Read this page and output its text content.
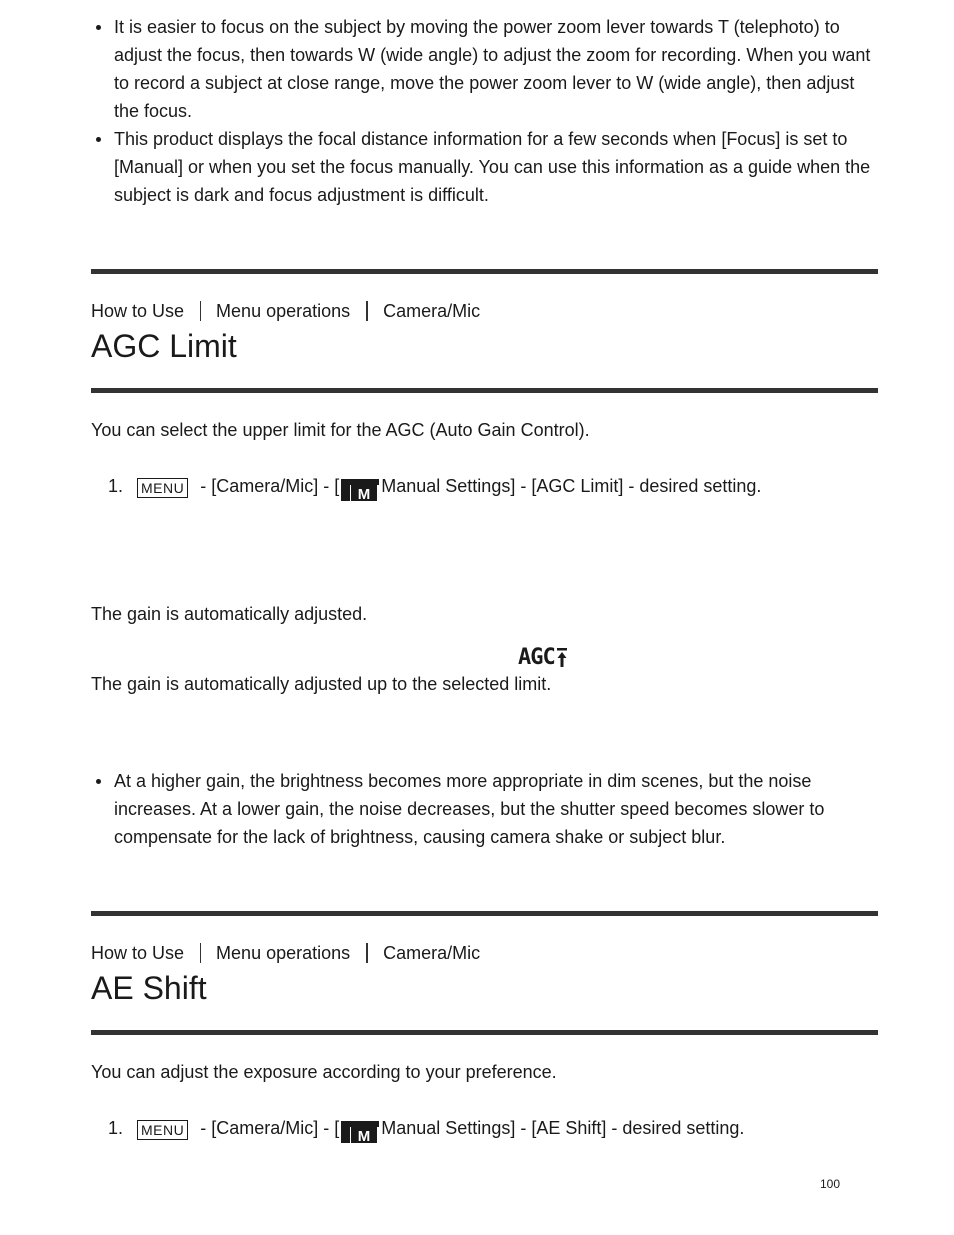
It is easier to focus on the subject by moving the power zoom lever towards T (telephoto) to adjust the focus, then towards W (wide angle) to adjust the zoom for recording. When you want to record a subject at close range, move the power zoom lever to W (wide angle), then adjust the focus.
This product displays the focal distance information for a few seconds when [Focus] is set to [Manual] or when you set the focus manually. You can use this information as a guide when the subject is dark and focus adjustment is difficult.
How to Use Menu operations Camera/Mic
AGC Limit
You can select the upper limit for the AGC (Auto Gain Control).
1.	MENU - [Camera/Mic] - [ M Manual Settings] - [AGC Limit] - desired setting.
The gain is automatically adjusted.
AGC
The gain is automatically adjusted up to the selected limit.
At a higher gain, the brightness becomes more appropriate in dim scenes, but the noise increases. At a lower gain, the noise decreases, but the shutter speed becomes slower to compensate for the lack of brightness, causing camera shake or subject blur.
How to Use Menu operations Camera/Mic
AE Shift
You can adjust the exposure according to your preference.
1.	MENU - [Camera/Mic] - [ M Manual Settings] - [AE Shift] - desired setting.
100
